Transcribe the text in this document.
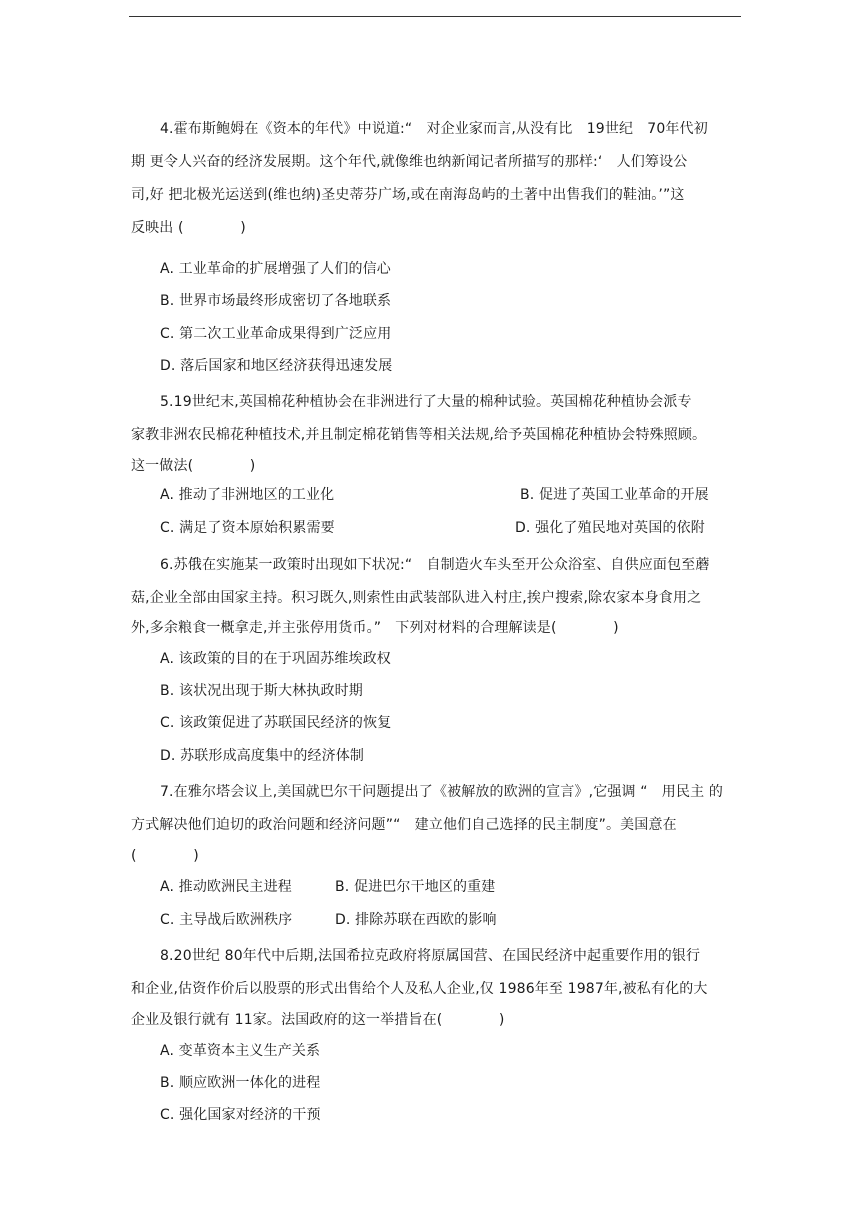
4.霍布斯鲍姆在《资本的年代》中说道:“　对企业家而言,从没有比　19世纪　70年代初
期 更令人兴奋的经济发展期。这个年代,就像维也纳新闻记者所描写的那样:‘　人们筹设公
司,好 把北极光运送到(维也纳)圣史蒂芬广场,或在南海岛屿的土著中出售我们的鞋油。’”这
反映出 (　　　　)
A. 工业革命的扩展增强了人们的信心
B. 世界市场最终形成密切了各地联系
C. 第二次工业革命成果得到广泛应用
D. 落后国家和地区经济获得迅速发展
5.19世纪末,英国棉花种植协会在非洲进行了大量的棉种试验。英国棉花种植协会派专
家教非洲农民棉花种植技术,并且制定棉花销售等相关法规,给予英国棉花种植协会特殊照顾。
这一做法(　　　　)
A. 推动了非洲地区的工业化	B. 促进了英国工业革命的开展
C. 满足了资本原始积累需要	D. 强化了殖民地对英国的依附
6.苏俄在实施某一政策时出现如下状况:“　自制造火车头至开公众浴室、自供应面包至蘑
菇,企业全部由国家主持。积习既久,则索性由武装部队进入村庄,挨户搜索,除农家本身食用之
外,多余粮食一概拿走,并主张停用货币。”　下列对材料的合理解读是(　　　　)
A. 该政策的目的在于巩固苏维埃政权
B. 该状况出现于斯大林执政时期
C. 该政策促进了苏联国民经济的恢复
D. 苏联形成高度集中的经济体制
7.在雅尔塔会议上,美国就巴尔干问题提出了《被解放的欧洲的宣言》,它强调 “　用民主 的
方式解决他们迫切的政治问题和经济问题”“　建立他们自己选择的民主制度”。美国意在
(　　　　)
A. 推动欧洲民主进程	B. 促进巴尔干地区的重建
C. 主导战后欧洲秩序	D. 排除苏联在西欧的影响
8.20世纪 80年代中后期,法国希拉克政府将原属国营、在国民经济中起重要作用的银行
和企业,估资作价后以股票的形式出售给个人及私人企业,仅 1986年至 1987年,被私有化的大
企业及银行就有 11家。法国政府的这一举措旨在(　　　　)
A. 变革资本主义生产关系
B. 顺应欧洲一体化的进程
C. 强化国家对经济的干预
